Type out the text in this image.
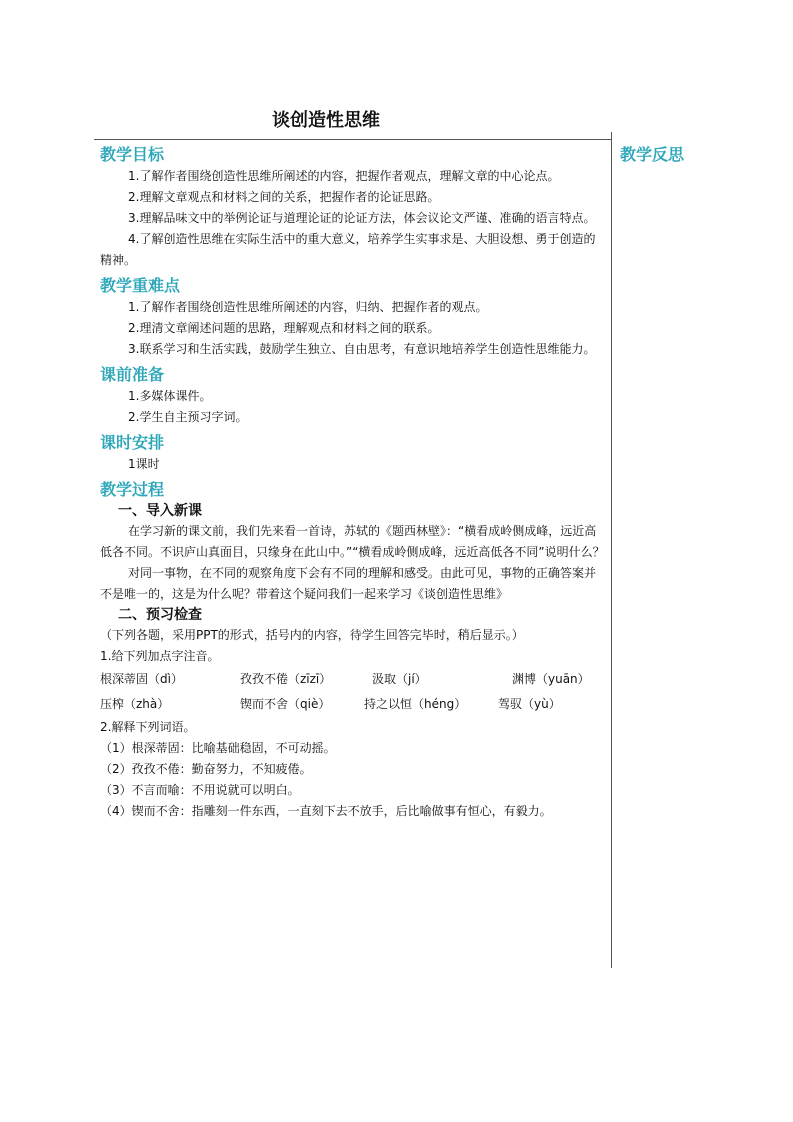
谈创造性思维
教学反思
教学目标

1.了解作者围绕创造性思维所阐述的内容，把握作者观点，理解文章的中心论点。

2.理解文章观点和材料之间的关系，把握作者的论证思路。

3.理解品味文中的举例论证与道理论证的论证方法，体会议论文严谨、准确的语言特点。

4.了解创造性思维在实际生活中的重大意义，培养学生实事求是、大胆设想、勇于创造的精神。

教学重难点

1.了解作者围绕创造性思维所阐述的内容，归纳、把握作者的观点。

2.理清文章阐述问题的思路，理解观点和材料之间的联系。

3.联系学习和生活实践，鼓励学生独立、自由思考，有意识地培养学生创造性思维能力。

课前准备

1.多媒体课件。

2.学生自主预习字词。

课时安排

1课时

教学过程
一、导入新课

在学习新的课文前，我们先来看一首诗，苏轼的《题西林壁》：“横看成岭侧成峰，远近高低各不同。不识庐山真面目，只缘身在此山中。”“横看成岭侧成峰，远近高低各不同”说明什么？

对同一事物，在不同的观察角度下会有不同的理解和感受。由此可见，事物的正确答案并不是唯一的，这是为什么呢？带着这个疑问我们一起来学习《谈创造性思维》

二、预习检查

（下列各题，采用PPT的形式，括号内的内容，待学生回答完毕时，稍后显示。）

1.给下列加点字注音。

根深蒂固（dì）	孜孜不倦（zīzī）	汲取（jí）	渊博（yuān）
压榨（zhà）	锲而不舍（qiè）	持之以恒（héng）	驾驭（yù）

2.解释下列词语。

（1）根深蒂固：比喻基础稳固，不可动摇。

（2）孜孜不倦：勤奋努力，不知疲倦。

（3）不言而喻：不用说就可以明白。

（4）锲而不舍：指雕刻一件东西，一直刻下去不放手，后比喻做事有恒心，有毅力。
